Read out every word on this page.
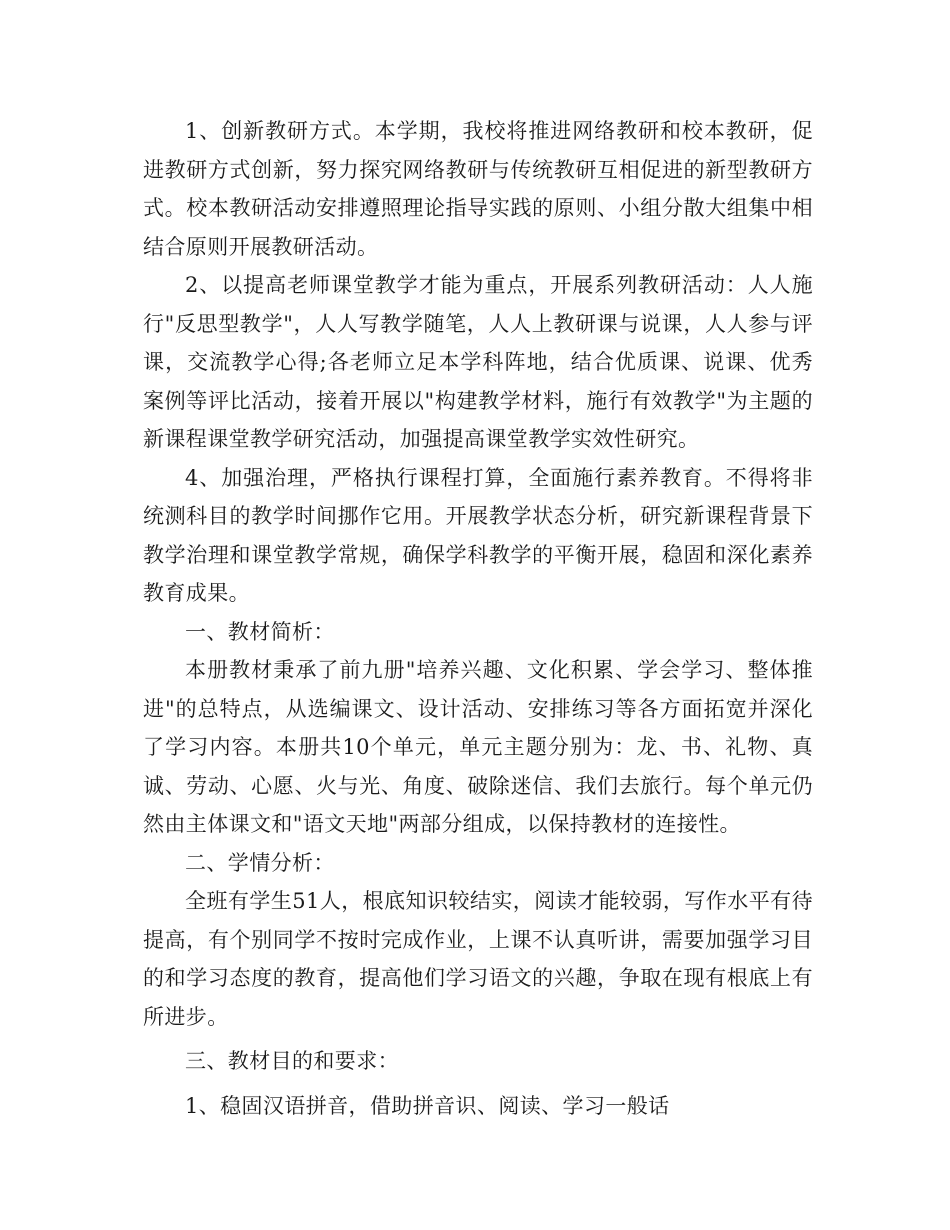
1、创新教研方式。本学期，我校将推进网络教研和校本教研，促进教研方式创新，努力探究网络教研与传统教研互相促进的新型教研方式。校本教研活动安排遵照理论指导实践的原则、小组分散大组集中相结合原则开展教研活动。

2、以提高老师课堂教学才能为重点，开展系列教研活动：人人施行"反思型教学"，人人写教学随笔，人人上教研课与说课，人人参与评课，交流教学心得;各老师立足本学科阵地，结合优质课、说课、优秀案例等评比活动，接着开展以"构建教学材料，施行有效教学"为主题的新课程课堂教学研究活动，加强提高课堂教学实效性研究。

4、加强治理，严格执行课程打算，全面施行素养教育。不得将非统测科目的教学时间挪作它用。开展教学状态分析，研究新课程背景下教学治理和课堂教学常规，确保学科教学的平衡开展，稳固和深化素养教育成果。

一、教材简析：

本册教材秉承了前九册"培养兴趣、文化积累、学会学习、整体推进"的总特点，从选编课文、设计活动、安排练习等各方面拓宽并深化了学习内容。本册共10个单元，单元主题分别为：龙、书、礼物、真诚、劳动、心愿、火与光、角度、破除迷信、我们去旅行。每个单元仍然由主体课文和"语文天地"两部分组成，以保持教材的连接性。

二、学情分析：

全班有学生51人，根底知识较结实，阅读才能较弱，写作水平有待提高，有个别同学不按时完成作业，上课不认真听讲，需要加强学习目的和学习态度的教育，提高他们学习语文的兴趣，争取在现有根底上有所进步。

三、教材目的和要求：

1、稳固汉语拼音，借助拼音识、阅读、学习一般话
